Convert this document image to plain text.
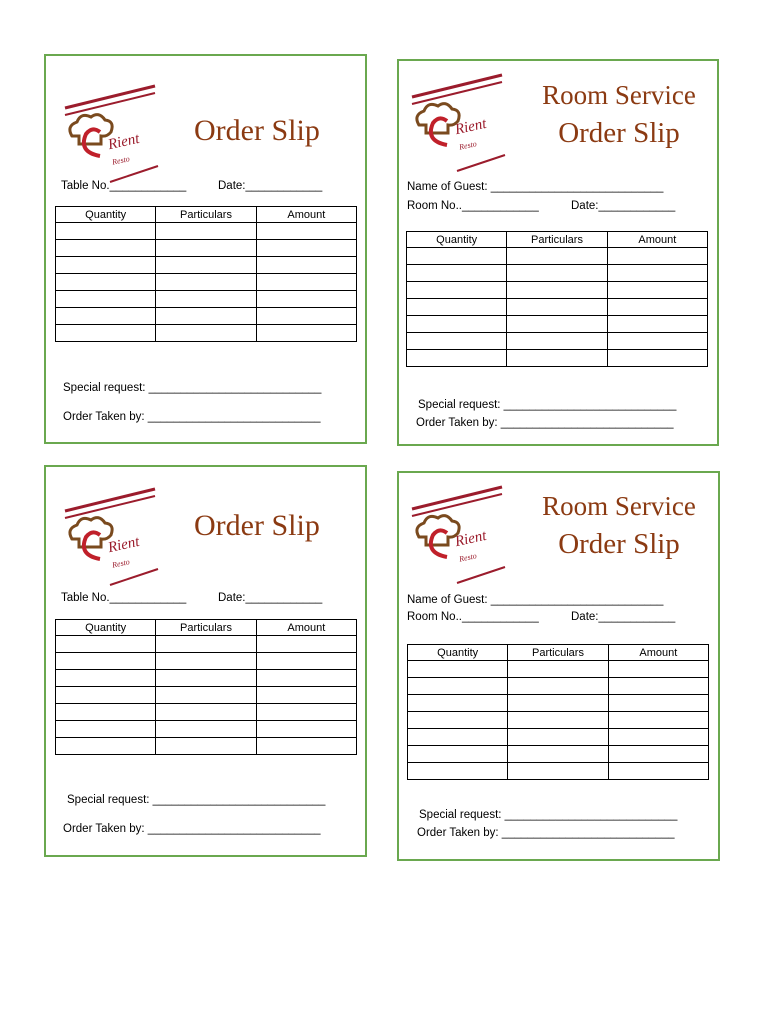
Rient
Resto
Order Slip
Table No.____________	Date:____________
Quantity	Particulars	Amount

Special request: ___________________________
Order Taken by: ___________________________
Rient
Resto
Room Service
Order Slip
Name of Guest: ___________________________
Room No..____________	Date:____________
Quantity	Particulars	Amount

Special request: ___________________________
Order Taken by: ___________________________
Rient
Resto
Order Slip
Table No.____________	Date:____________
Quantity	Particulars	Amount

Special request: ___________________________
Order Taken by: ___________________________
Rient
Resto
Room Service
Order Slip
Name of Guest: ___________________________
Room No..____________	Date:____________
Quantity	Particulars	Amount

Special request: ___________________________
Order Taken by: ___________________________
